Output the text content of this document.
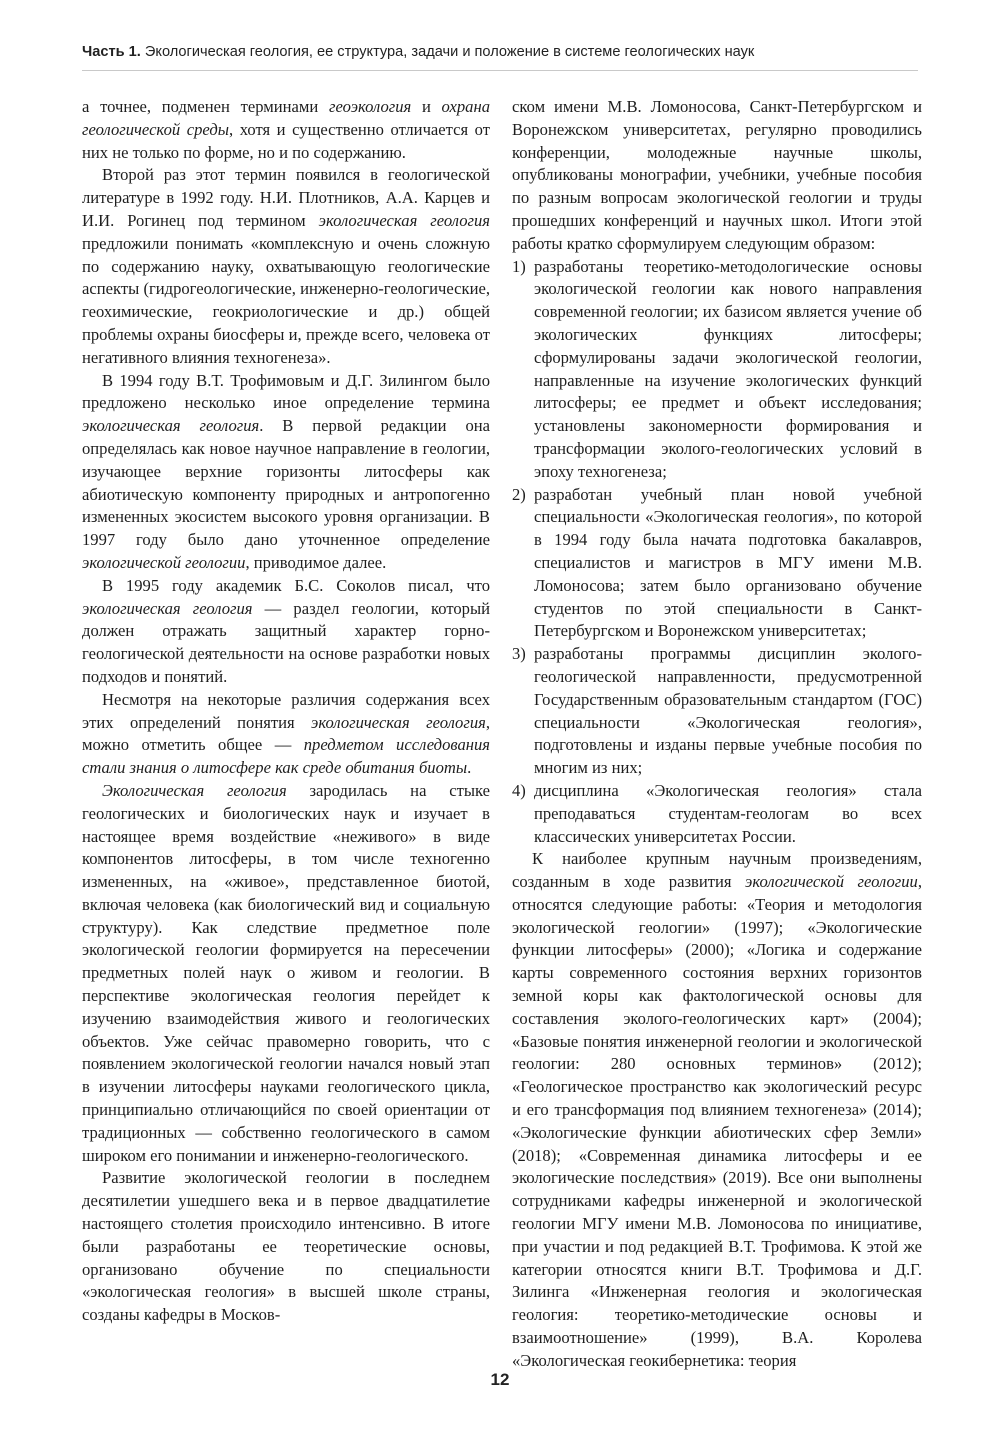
Часть 1. Экологическая геология, ее структура, задачи и положение в системе геологических наук

а точнее, подменен терминами геоэкология и охрана геологической среды, хотя и существенно отличается от них не только по форме, но и по содержанию.

Второй раз этот термин появился в геологической литературе в 1992 году. Н.И. Плотников, А.А. Карцев и И.И. Рогинец под термином экологическая геология предложили понимать «комплексную и очень сложную по содержанию науку, охватывающую геологические аспекты (гидрогеологические, инженерно-геологические, геохимические, геокриологические и др.) общей проблемы охраны биосферы и, прежде всего, человека от негативного влияния техногенеза».

В 1994 году В.Т. Трофимовым и Д.Г. Зилингом было предложено несколько иное определение термина экологическая геология. В первой редакции она определялась как новое научное направление в геологии, изучающее верхние горизонты литосферы как абиотическую компоненту природных и антропогенно измененных экосистем высокого уровня организации. В 1997 году было дано уточненное определение экологической геологии, приводимое далее.

В 1995 году академик Б.С. Соколов писал, что экологическая геология — раздел геологии, который должен отражать защитный характер горно-геологической деятельности на основе разработки новых подходов и понятий.

Несмотря на некоторые различия содержания всех этих определений понятия экологическая геология, можно отметить общее — предметом исследования стали знания о литосфере как среде обитания биоты.

Экологическая геология зародилась на стыке геологических и биологических наук и изучает в настоящее время воздействие «неживого» в виде компонентов литосферы, в том числе техногенно измененных, на «живое», представленное биотой, включая человека (как биологический вид и социальную структуру). Как следствие предметное поле экологической геологии формируется на пересечении предметных полей наук о живом и геологии. В перспективе экологическая геология перейдет к изучению взаимодействия живого и геологических объектов. Уже сейчас правомерно говорить, что с появлением экологической геологии начался новый этап в изучении литосферы науками геологического цикла, принципиально отличающийся по своей ориентации от традиционных — собственно геологического в самом широком его понимании и инженерно-геологического.

Развитие экологической геологии в последнем десятилетии ушедшего века и в первое двадцатилетие настоящего столетия происходило интенсивно. В итоге были разработаны ее теоретические основы, организовано обучение по специальности «экологическая геология» в высшей школе страны, созданы кафедры в Москов-

ском имени М.В. Ломоносова, Санкт-Петербургском и Воронежском университетах, регулярно проводились конференции, молодежные научные школы, опубликованы монографии, учебники, учебные пособия по разным вопросам экологической геологии и труды прошедших конференций и научных школ. Итоги этой работы кратко сформулируем следующим образом:

1) разработаны теоретико-методологические основы экологической геологии как нового направления современной геологии; их базисом является учение об экологических функциях литосферы; сформулированы задачи экологической геологии, направленные на изучение экологических функций литосферы; ее предмет и объект исследования; установлены закономерности формирования и трансформации эколого-геологических условий в эпоху техногенеза;
2) разработан учебный план новой учебной специальности «Экологическая геология», по которой в 1994 году была начата подготовка бакалавров, специалистов и магистров в МГУ имени М.В. Ломоносова; затем было организовано обучение студентов по этой специальности в Санкт-Петербургском и Воронежском университетах;
3) разработаны программы дисциплин эколого-геологической направленности, предусмотренной Государственным образовательным стандартом (ГОС) специальности «Экологическая геология», подготовлены и изданы первые учебные пособия по многим из них;
4) дисциплина «Экологическая геология» стала преподаваться студентам-геологам во всех классических университетах России.

К наиболее крупным научным произведениям, созданным в ходе развития экологической геологии, относятся следующие работы: «Теория и методология экологической геологии» (1997); «Экологические функции литосферы» (2000); «Логика и содержание карты современного состояния верхних горизонтов земной коры как фактологической основы для составления эколого-геологических карт» (2004); «Базовые понятия инженерной геологии и экологической геологии: 280 основных терминов» (2012); «Геологическое пространство как экологический ресурс и его трансформация под влиянием техногенеза» (2014); «Экологические функции абиотических сфер Земли» (2018); «Современная динамика литосферы и ее экологические последствия» (2019). Все они выполнены сотрудниками кафедры инженерной и экологической геологии МГУ имени М.В. Ломоносова по инициативе, при участии и под редакцией В.Т. Трофимова. К этой же категории относятся книги В.Т. Трофимова и Д.Г. Зилинга «Инженерная геология и экологическая геология: теоретико-методические основы и взаимоотношение» (1999), В.А. Королева «Экологическая геокибернетика: теория

12
